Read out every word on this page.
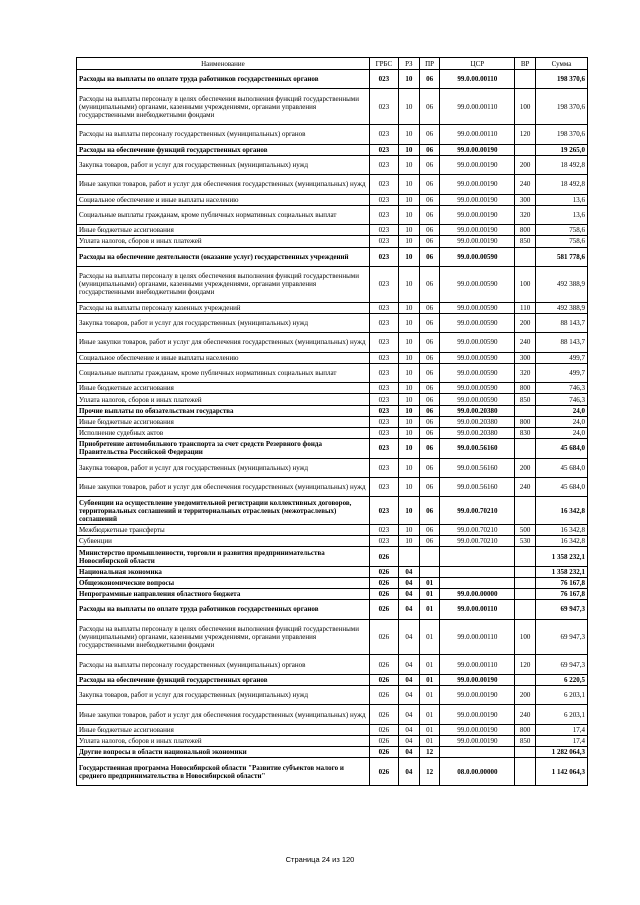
Наименование	ГРБС	РЗ	ПР	ЦСР	ВР	Сумма
Расходы на выплаты по оплате труда работников государственных органов	023	10	06	99.0.00.00110		198 370,6
Расходы на выплаты персоналу в целях обеспечения выполнения функций государственными (муниципальными) органами, казенными учреждениями, органами управления государственными внебюджетными фондами	023	10	06	99.0.00.00110	100	198 370,6
Расходы на выплаты персоналу государственных (муниципальных) органов	023	10	06	99.0.00.00110	120	198 370,6
Расходы на обеспечение функций государственных органов	023	10	06	99.0.00.00190		19 265,0
Закупка товаров, работ и услуг для государственных (муниципальных) нужд	023	10	06	99.0.00.00190	200	18 492,8
Иные закупки товаров, работ и услуг для обеспечения государственных (муниципальных) нужд	023	10	06	99.0.00.00190	240	18 492,8
Социальное обеспечение и иные выплаты населению	023	10	06	99.0.00.00190	300	13,6
Социальные выплаты гражданам, кроме публичных нормативных социальных выплат	023	10	06	99.0.00.00190	320	13,6
Иные бюджетные ассигнования	023	10	06	99.0.00.00190	800	758,6
Уплата налогов, сборов и иных платежей	023	10	06	99.0.00.00190	850	758,6
Расходы на обеспечение деятельности (оказание услуг) государственных учреждений	023	10	06	99.0.00.00590		581 778,6
Расходы на выплаты персоналу в целях обеспечения выполнения функций государственными (муниципальными) органами, казенными учреждениями, органами управления государственными внебюджетными фондами	023	10	06	99.0.00.00590	100	492 388,9
Расходы на выплаты персоналу казенных учреждений	023	10	06	99.0.00.00590	110	492 388,9
Закупка товаров, работ и услуг для государственных (муниципальных) нужд	023	10	06	99.0.00.00590	200	88 143,7
Иные закупки товаров, работ и услуг для обеспечения государственных (муниципальных) нужд	023	10	06	99.0.00.00590	240	88 143,7
Социальное обеспечение и иные выплаты населению	023	10	06	99.0.00.00590	300	499,7
Социальные выплаты гражданам, кроме публичных нормативных социальных выплат	023	10	06	99.0.00.00590	320	499,7
Иные бюджетные ассигнования	023	10	06	99.0.00.00590	800	746,3
Уплата налогов, сборов и иных платежей	023	10	06	99.0.00.00590	850	746,3
Прочие выплаты по обязательствам государства	023	10	06	99.0.00.20380		24,0
Иные бюджетные ассигнования	023	10	06	99.0.00.20380	800	24,0
Исполнение судебных актов	023	10	06	99.0.00.20380	830	24,0
Приобретение автомобильного транспорта за счет средств Резервного фонда Правительства Российской Федерации	023	10	06	99.0.00.56160		45 684,0
Закупка товаров, работ и услуг для государственных (муниципальных) нужд	023	10	06	99.0.00.56160	200	45 684,0
Иные закупки товаров, работ и услуг для обеспечения государственных (муниципальных) нужд	023	10	06	99.0.00.56160	240	45 684,0
Субвенции на осуществление уведомительной регистрации коллективных договоров, территориальных соглашений и территориальных отраслевых (межотраслевых) соглашений	023	10	06	99.0.00.70210		16 342,8
Межбюджетные трансферты	023	10	06	99.0.00.70210	500	16 342,8
Субвенции	023	10	06	99.0.00.70210	530	16 342,8
Министерство промышленности, торговли и развития предпринимательства Новосибирской области	026					1 358 232,1
Национальная экономика	026	04				1 358 232,1
Общеэкономические вопросы	026	04	01			76 167,8
Непрограммные направления областного бюджета	026	04	01	99.0.00.00000		76 167,8
Расходы на выплаты по оплате труда работников государственных органов	026	04	01	99.0.00.00110		69 947,3
Расходы на выплаты персоналу в целях обеспечения выполнения функций государственными (муниципальными) органами, казенными учреждениями, органами управления государственными внебюджетными фондами	026	04	01	99.0.00.00110	100	69 947,3
Расходы на выплаты персоналу государственных (муниципальных) органов	026	04	01	99.0.00.00110	120	69 947,3
Расходы на обеспечение функций государственных органов	026	04	01	99.0.00.00190		6 220,5
Закупка товаров, работ и услуг для государственных (муниципальных) нужд	026	04	01	99.0.00.00190	200	6 203,1
Иные закупки товаров, работ и услуг для обеспечения государственных (муниципальных) нужд	026	04	01	99.0.00.00190	240	6 203,1
Иные бюджетные ассигнования	026	04	01	99.0.00.00190	800	17,4
Уплата налогов, сборов и иных платежей	026	04	01	99.0.00.00190	850	17,4
Другие вопросы в области национальной экономики	026	04	12			1 282 064,3
Государственная программа Новосибирской области "Развитие субъектов малого и среднего предпринимательства в Новосибирской области"	026	04	12	08.0.00.00000		1 142 064,3
Страница 24 из 120
